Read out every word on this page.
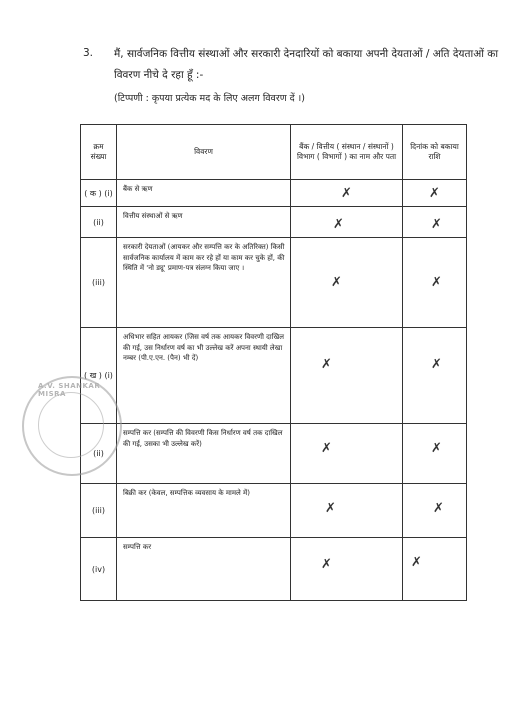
3. मैं, सार्वजनिक वित्तीय संस्थाओं और सरकारी देनदारियों को बकाया अपनी देयताओं / अति देयताओं का
विवरण नीचे दे रहा हूँ :-
(टिप्पणी : कृपया प्रत्येक मद के लिए अलग विवरण दें ।)
क्रम संख्या	विवरण	बैंक / वित्तीय ( संस्थान / संस्थानों ) विभाग ( विभागों ) का नाम और पता	दिनांक को बकाया राशि

( क ) (i)	बैंक से ऋण	✗	✗

(ii)	वित्तीय संस्थाओं से ऋण	✗	✗

(iii)	सरकारी देयताओं (आयकर और सम्पत्ति कर के अतिरिक्त) किसी सार्वजनिक कार्यालय में काम कर रहे हों या काम कर चुके हों, की स्थिति में 'नो ड्यू' प्रमाण-पत्र संलग्न किया जाए ।	✗	✗

( ख ) (i)	अधिभार सहित आयकर (जिस वर्ष तक आयकर विवरणी दाखिल की गई, उस निर्धारण वर्ष का भी उल्लेख करें अपना स्थायी लेखा नम्बर (पी.ए.एन. (पैन) भी दें)	✗	✗

(ii)	सम्पत्ति कर (सम्पत्ति की विवरणी किस निर्धारण वर्ष तक दाखिल की गई, उसका भी उल्लेख करें)	✗	✗

(iii)	बिक्री कर (केवल, सम्पत्तिक व्यवसाय के मामले में)	✗	✗

(iv)	सम्पत्ति कर	✗	✗
A.V. SHANKAR MISRA
